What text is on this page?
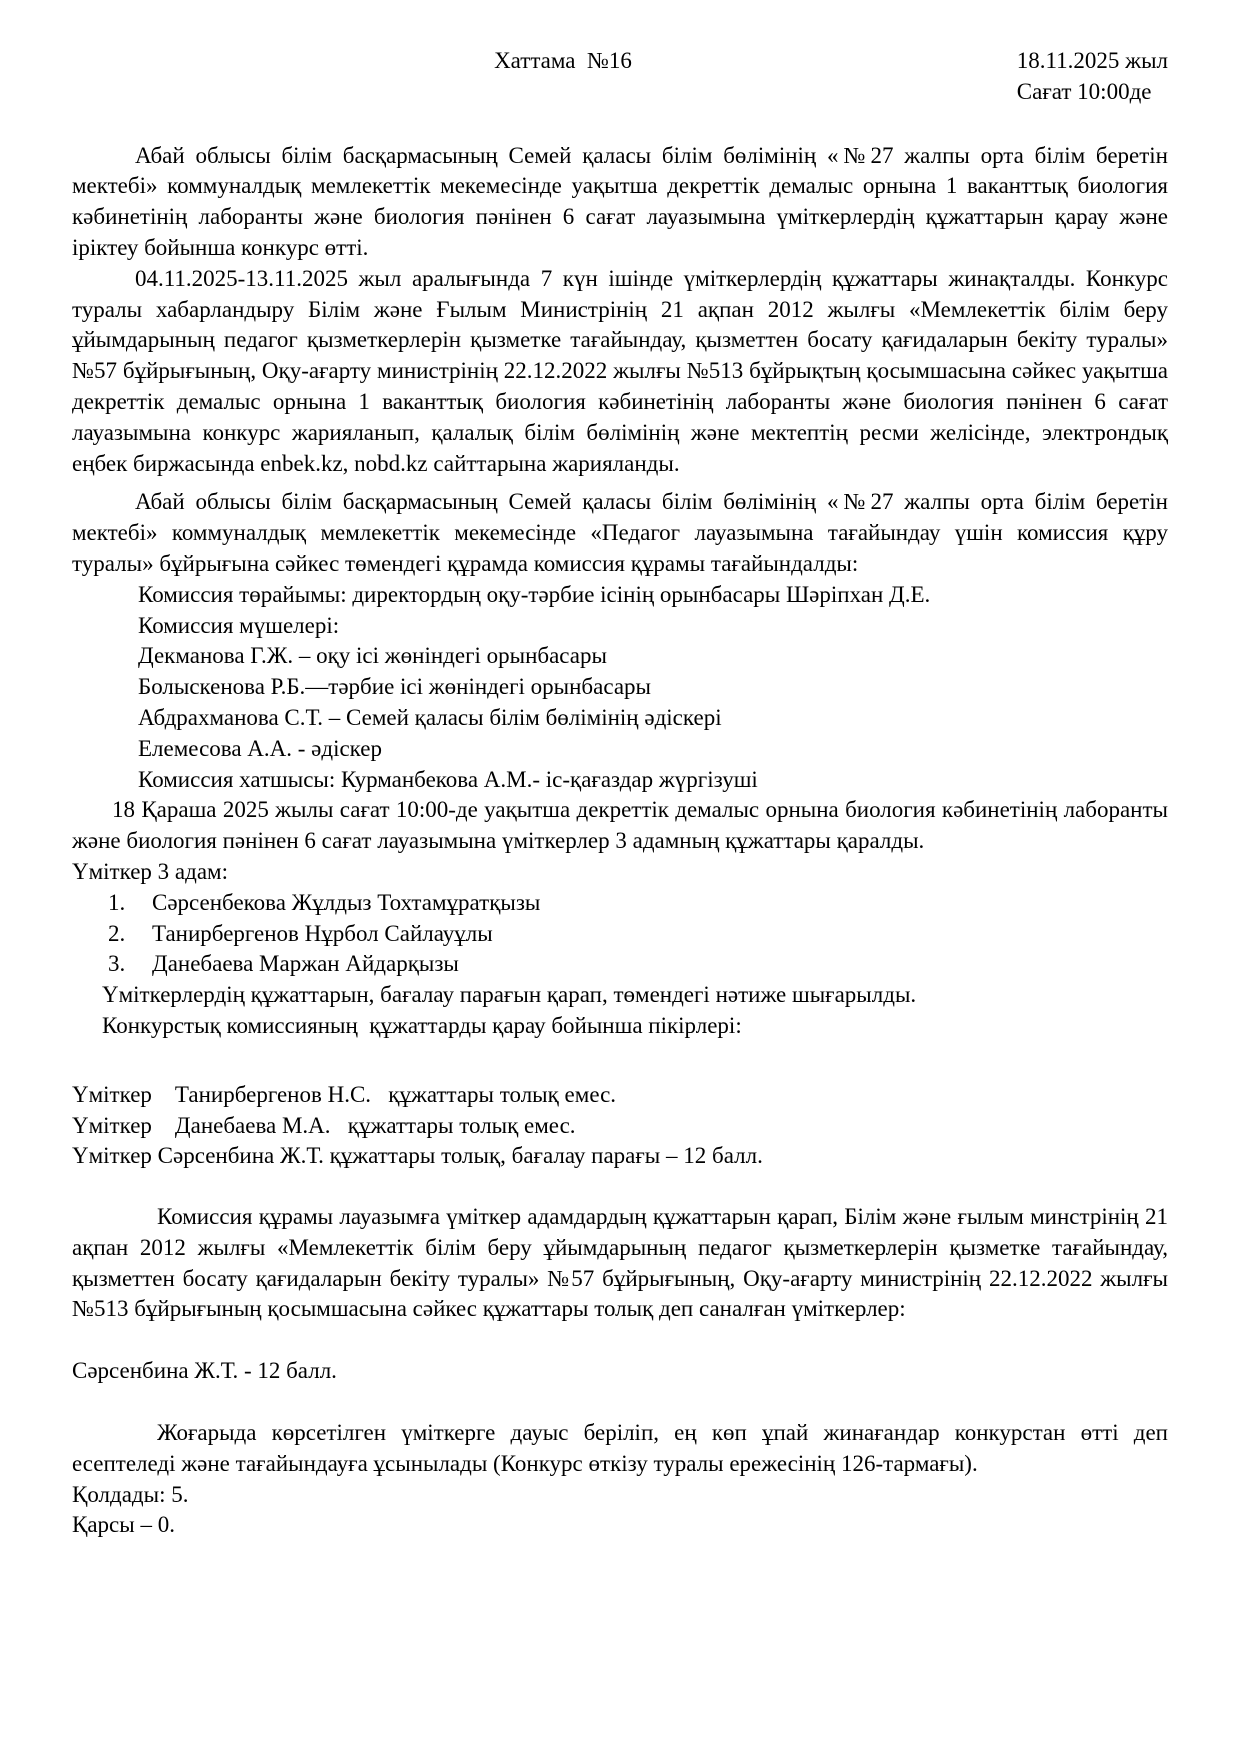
Хаттама  №16	18.11.2025 жыл
Сағат 10:00де

Абай облысы білім басқармасының Семей қаласы білім бөлімінің «№27 жалпы орта білім беретін мектебі» коммуналдық мемлекеттік мекемесінде уақытша декреттік демалыс орнына 1 ваканттық биология кәбинетінің лаборанты және биология пәнінен 6 сағат лауазымына үміткерлердің құжаттарын қарау және іріктеу бойынша конкурс өтті.

04.11.2025-13.11.2025 жыл аралығында 7 күн ішінде үміткерлердің құжаттары жинақталды. Конкурс туралы хабарландыру Білім және Ғылым Министрінің 21 ақпан 2012 жылғы «Мемлекеттік білім беру ұйымдарының педагог қызметкерлерін қызметке тағайындау, қызметтен босату қағидаларын бекіту туралы» №57 бұйрығының, Оқу-ағарту министрінің 22.12.2022 жылғы №513 бұйрықтың қосымшасына сәйкес уақытша декреттік демалыс орнына 1 ваканттық биология кәбинетінің лаборанты және биология пәнінен 6 сағат лауазымына конкурс жарияланып, қалалық білім бөлімінің және мектептің ресми желісінде, электрондық еңбек биржасында enbek.kz, nobd.kz сайттарына жарияланды.

Абай облысы білім басқармасының Семей қаласы білім бөлімінің «№27 жалпы орта білім беретін мектебі» коммуналдық мемлекеттік мекемесінде «Педагог лауазымына тағайындау үшін комиссия құру туралы» бұйрығына сәйкес төмендегі құрамда комиссия құрамы тағайындалды:

Комиссия төрайымы: директордың оқу-тәрбие ісінің орынбасары Шәріпхан Д.Е.
Комиссия мүшелері:
Декманова Г.Ж. – оқу ісі жөніндегі орынбасары
Болыскенова Р.Б.—тәрбие ісі жөніндегі орынбасары
Абдрахманова С.Т. – Семей қаласы білім бөлімінің әдіскері
Елемесова А.А. - әдіскер
Комиссия хатшысы: Курманбекова А.М.- іс-қағаздар жүргізуші

18 Қараша 2025 жылы сағат 10:00-де уақытша декреттік демалыс орнына биология кәбинетінің лаборанты және биология пәнінен 6 сағат лауазымына үміткерлер 3 адамның құжаттары қаралды.

Үміткер 3 адам:
1. Сәрсенбекова Жұлдыз Тохтамұратқызы
2. Танирбергенов Нұрбол Сайлауұлы
3. Данебаева Маржан Айдарқызы
Үміткерлердің құжаттарын, бағалау парағын қарап, төмендегі нәтиже шығарылды.
Конкурстық комиссияның  құжаттарды қарау бойынша пікірлері:
Үміткер    Танирбергенов Н.С.   құжаттары толық емес.
Үміткер    Данебаева М.А.   құжаттары толық емес.
Үміткер Сәрсенбина Ж.Т. құжаттары толық, бағалау парағы – 12 балл.

Комиссия құрамы лауазымға үміткер адамдардың құжаттарын қарап, Білім және ғылым минстрінің 21 ақпан 2012 жылғы «Мемлекеттік білім беру ұйымдарының педагог қызметкерлерін қызметке тағайындау, қызметтен босату қағидаларын бекіту туралы» №57 бұйрығының, Оқу-ағарту министрінің 22.12.2022 жылғы №513 бұйрығының қосымшасына сәйкес құжаттары толық деп саналған үміткерлер:

Сәрсенбина Ж.Т. - 12 балл.

Жоғарыда көрсетілген үміткерге дауыс беріліп, ең көп ұпай жинағандар конкурстан өтті деп есептеледі және тағайындауға ұсынылады (Конкурс өткізу туралы ережесінің 126-тармағы).

Қолдады: 5.
Қарсы – 0.
